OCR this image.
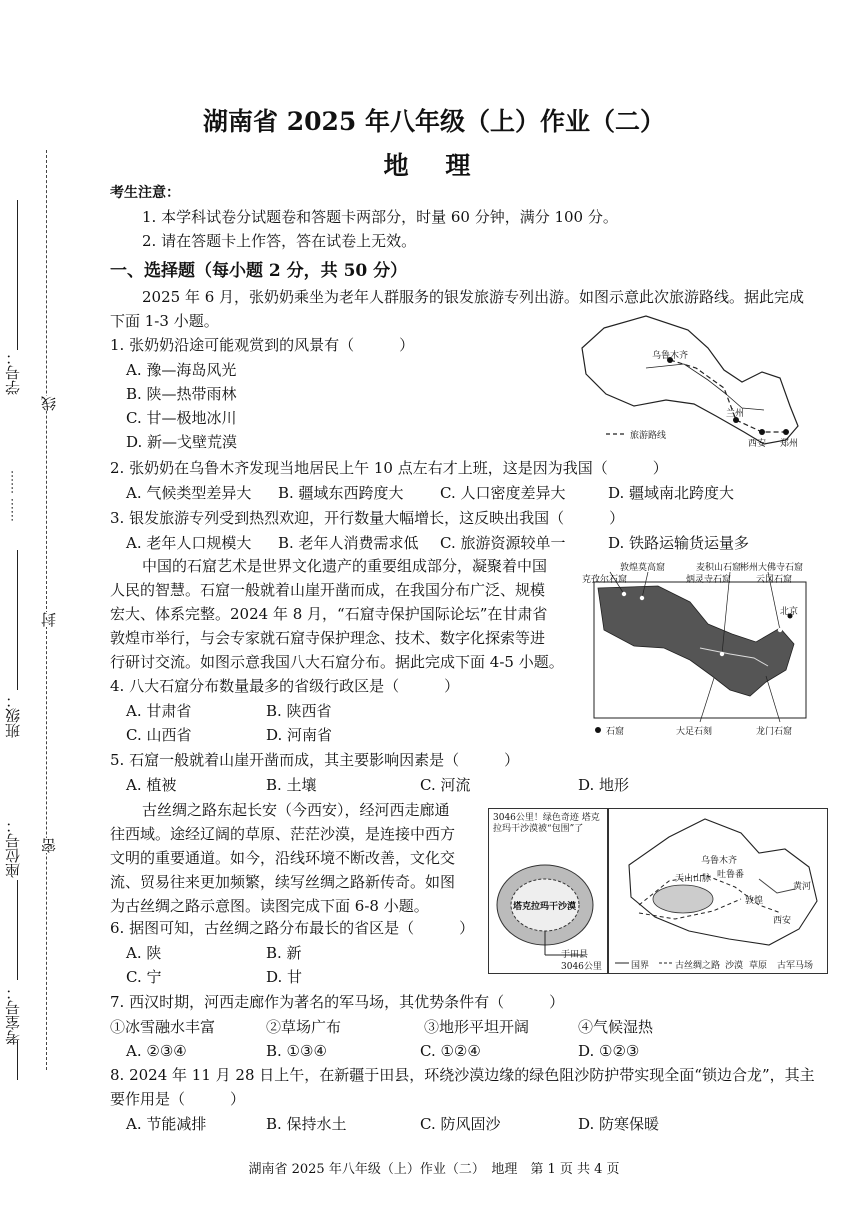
学号：
班级：
座位号：
考室号：
…… ……
线
封
密
湖南省 2025 年八年级（上）作业（二）
地 理
考生注意：
1. 本学科试卷分试题卷和答题卡两部分，时量 60 分钟，满分 100 分。
2. 请在答题卡上作答，答在试卷上无效。
一、选择题（每小题 2 分，共 50 分）
2025 年 6 月，张奶奶乘坐为老年人群服务的银发旅游专列出游。如图示意此次旅游路线。据此完成
下面 1-3 小题。
1. 张奶奶沿途可能观赏到的风景有（　　　）
A. 豫—海岛风光
B. 陕—热带雨林
C. 甘—极地冰川
D. 新—戈壁荒漠
乌鲁木齐
兰州
西安 郑州
旅游路线
2. 张奶奶在乌鲁木齐发现当地居民上午 10 点左右才上班，这是因为我国（　　　）
A. 气候类型差异大 B. 疆域东西跨度大 C. 人口密度差异大	D. 疆域南北跨度大
3. 银发旅游专列受到热烈欢迎，开行数量大幅增长，这反映出我国（　　　）
A. 老年人口规模大 B. 老年人消费需求低 C. 旅游资源较单一	D. 铁路运输货运量多
中国的石窟艺术是世界文化遗产的重要组成部分，凝聚着中国
人民的智慧。石窟一般就着山崖开凿而成，在我国分布广泛、规模
宏大、体系完整。2024 年 8 月，“石窟寺保护国际论坛”在甘肃省
敦煌市举行，与会专家就石窟寺保护理念、技术、数字化探索等进
行研讨交流。如图示意我国八大石窟分布。据此完成下面 4-5 小题。
克孜尔石窟
敦煌莫高窟	麦积山石窟
炳灵寺石窟
彬州大佛寺石窟
云冈石窟
北京
大足石刻	龙门石窟
石窟
4. 八大石窟分布数量最多的省级行政区是（　　　）
A. 甘肃省	B. 陕西省
C. 山西省	D. 河南省
5. 石窟一般就着山崖开凿而成，其主要影响因素是（　　　）
A. 植被	B. 土壤	C. 河流	D. 地形
古丝绸之路东起长安（今西安），经河西走廊通
往西域。途经辽阔的草原、茫茫沙漠，是连接中西方
文明的重要通道。如今，沿线环境不断改善，文化交
流、贸易往来更加频繁，续写丝绸之路新传奇。如图
为古丝绸之路示意图。读图完成下面 6-8 小题。
3046公里！绿色奇迹 塔克拉玛干沙漠被“包围”了
塔克拉玛干沙漠
于田县
3046公里
乌鲁木齐
天山山脉
敦煌
西安
黄河
吐鲁番
国界	古丝绸之路 沙漠 草原 古军马场
6. 据图可知，古丝绸之路分布最长的省区是（　　　）
A. 陕	B. 新
C. 宁	D. 甘
7. 西汉时期，河西走廊作为著名的军马场，其优势条件有（　　　）
①冰雪融水丰富	②草场广布	③地形平坦开阔	④气候湿热
A. ②③④	B. ①③④	C. ①②④	D. ①②③
8. 2024 年 11 月 28 日上午，在新疆于田县，环绕沙漠边缘的绿色阻沙防护带实现全面“锁边合龙”，其主
要作用是（　　　）
A. 节能减排	B. 保持水土	C. 防风固沙	D. 防寒保暖
湖南省 2025 年八年级（上）作业（二）　地理　第 1 页 共 4 页
